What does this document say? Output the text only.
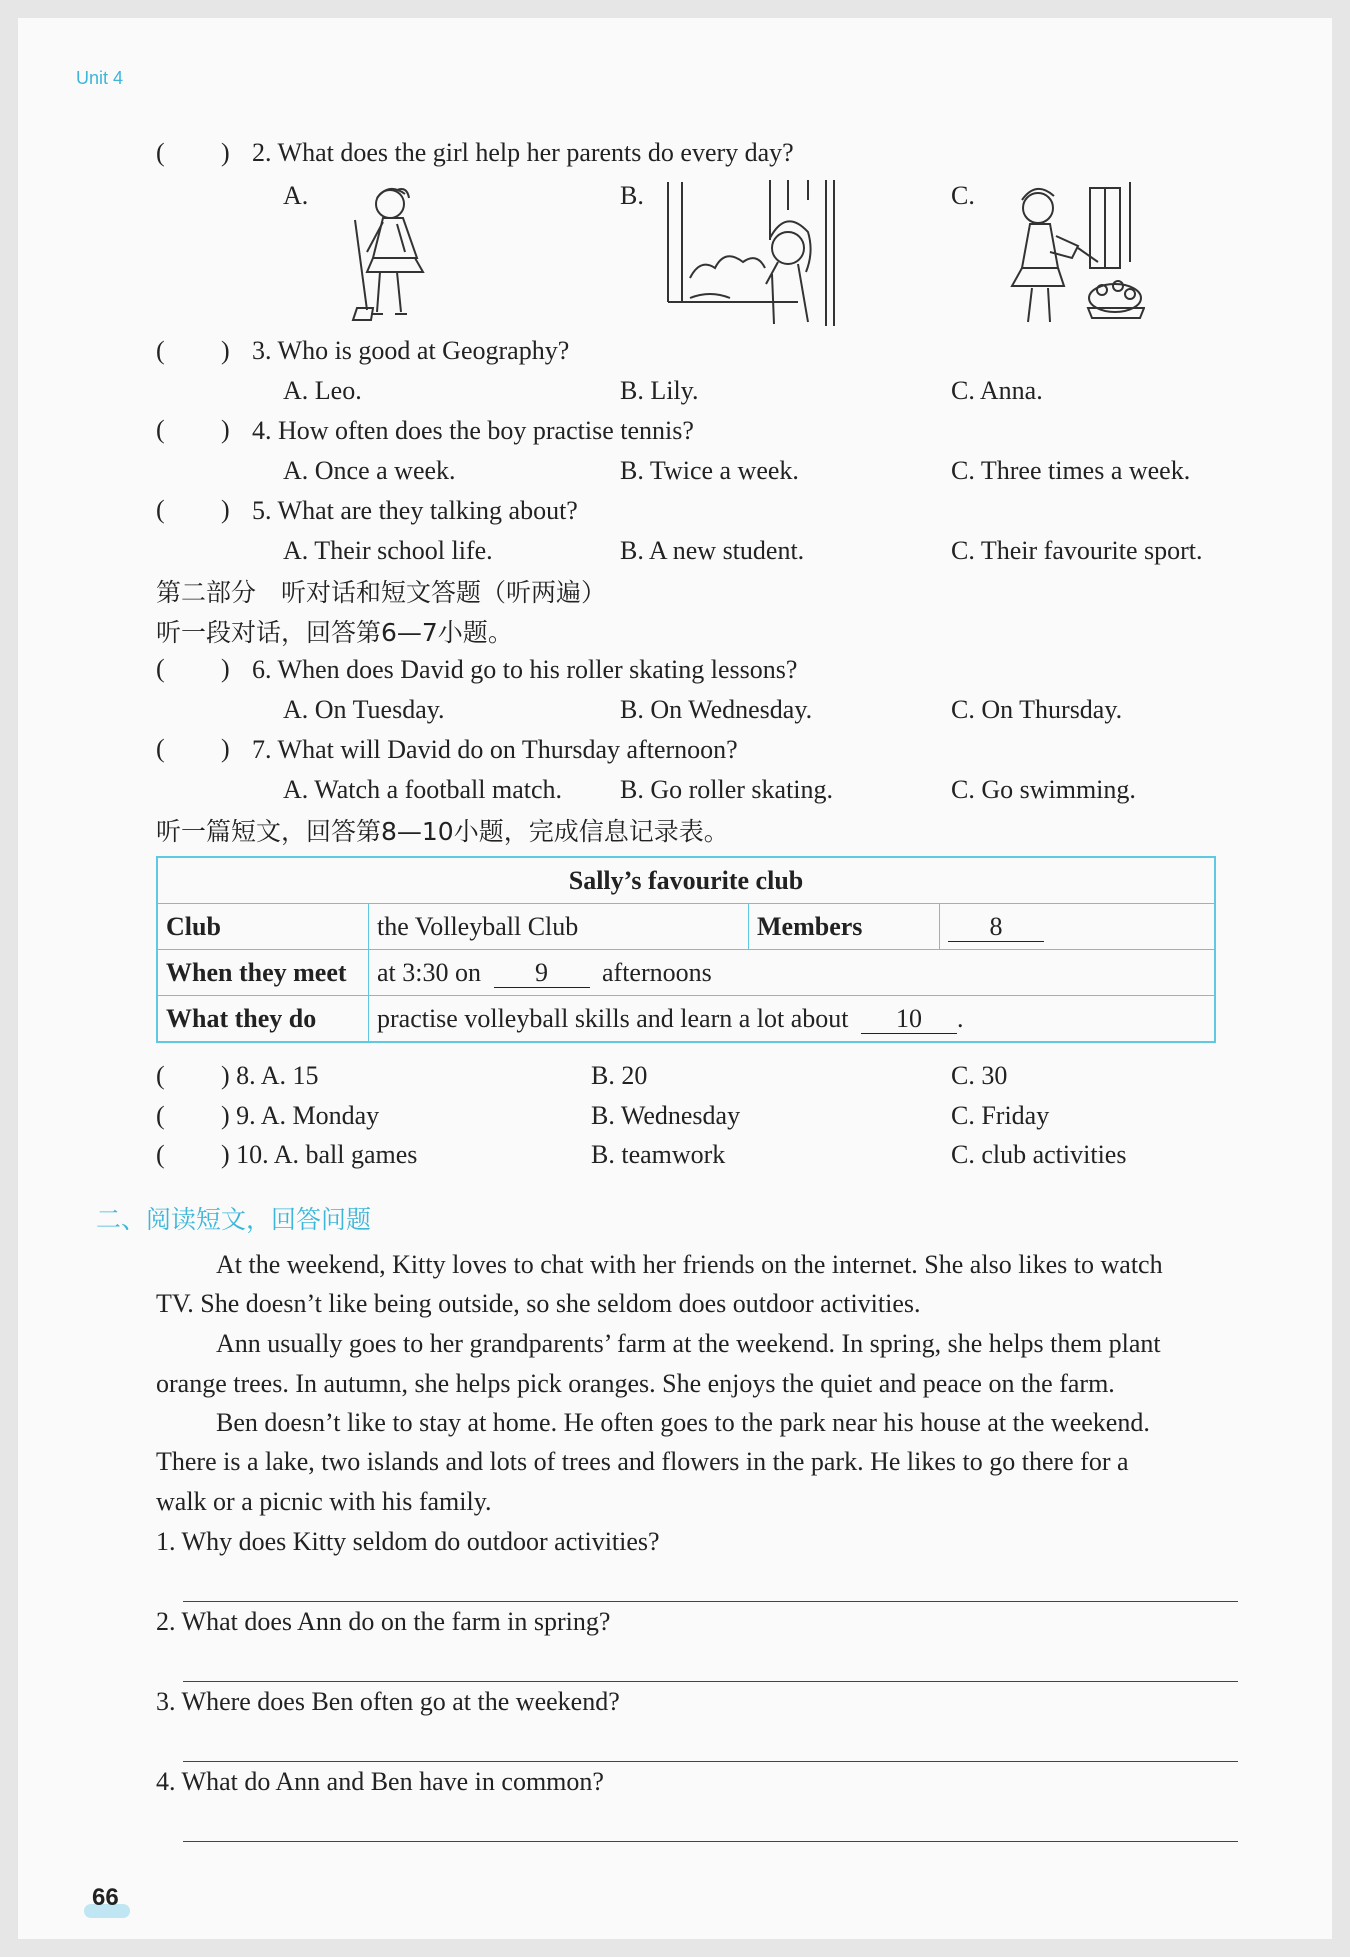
Unit 4
( ) 2. What does the girl help her parents do every day?
A.	B.	C.
( ) 3. Who is good at Geography?
A. Leo.	B. Lily.	C. Anna.
( ) 4. How often does the boy practise tennis?
A. Once a week.	B. Twice a week.	C. Three times a week.
( ) 5. What are they talking about?
A. Their school life.	B. A new student.	C. Their favourite sport.
第二部分　听对话和短文答题（听两遍）
听一段对话，回答第6—7小题。
( ) 6. When does David go to his roller skating lessons?
A. On Tuesday.	B. On Wednesday.	C. On Thursday.
( ) 7. What will David do on Thursday afternoon?
A. Watch a football match. B. Go roller skating.	C. Go swimming.
听一篇短文，回答第8—10小题，完成信息记录表。
Sally’s favourite club			
Club	the Volleyball Club	Members	8
When they meet	at 3:30 on 9 afternoons		
What they do	practise volleyball skills and learn a lot about 10 .		
( ) 8. A. 15	B. 20	C. 30
( ) 9. A. Monday	B. Wednesday	C. Friday
( ) 10. A. ball games	B. teamwork	C. club activities
二、阅读短文，回答问题
At the weekend, Kitty loves to chat with her friends on the internet. She also likes to watch
TV. She doesn’t like being outside, so she seldom does outdoor activities.
Ann usually goes to her grandparents’ farm at the weekend. In spring, she helps them plant
orange trees. In autumn, she helps pick oranges. She enjoys the quiet and peace on the farm.
Ben doesn’t like to stay at home. He often goes to the park near his house at the weekend.
There is a lake, two islands and lots of trees and flowers in the park. He likes to go there for a
walk or a picnic with his family.
1. Why does Kitty seldom do outdoor activities?
2. What does Ann do on the farm in spring?
3. Where does Ben often go at the weekend?
4. What do Ann and Ben have in common?
66
